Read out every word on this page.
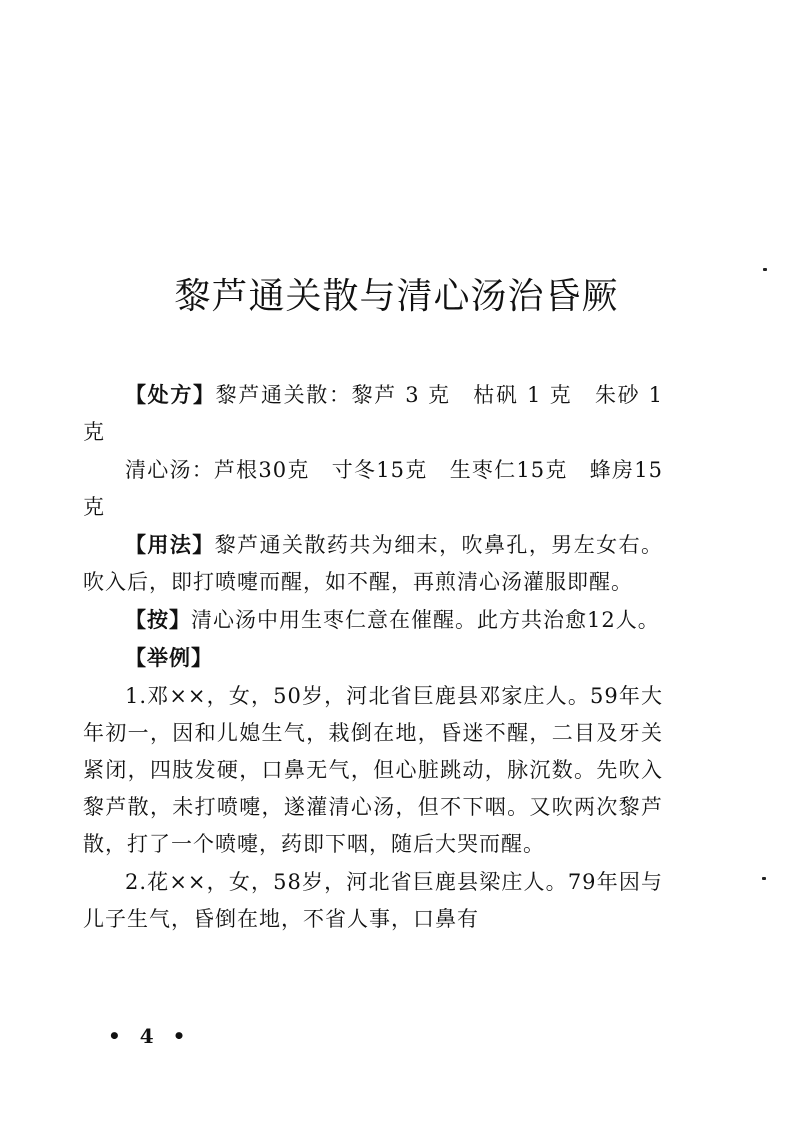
黎芦通关散与清心汤治昏厥

【处方】黎芦通关散：黎芦 3 克　枯矾 1 克　朱砂 1 克

清心汤：芦根30克　寸冬15克　生枣仁15克　蜂房15克

【用法】黎芦通关散药共为细末，吹鼻孔，男左女右。吹入后，即打喷嚏而醒，如不醒，再煎清心汤灌服即醒。

【按】清心汤中用生枣仁意在催醒。此方共治愈12人。

【举例】

1.邓××，女，50岁，河北省巨鹿县邓家庄人。59年大年初一，因和儿媳生气，栽倒在地，昏迷不醒，二目及牙关紧闭，四肢发硬，口鼻无气，但心脏跳动，脉沉数。先吹入黎芦散，未打喷嚏，遂灌清心汤，但不下咽。又吹两次黎芦散，打了一个喷嚏，药即下咽，随后大哭而醒。

2.花××，女，58岁，河北省巨鹿县梁庄人。79年因与儿子生气，昏倒在地，不省人事，口鼻有

• 4 •
